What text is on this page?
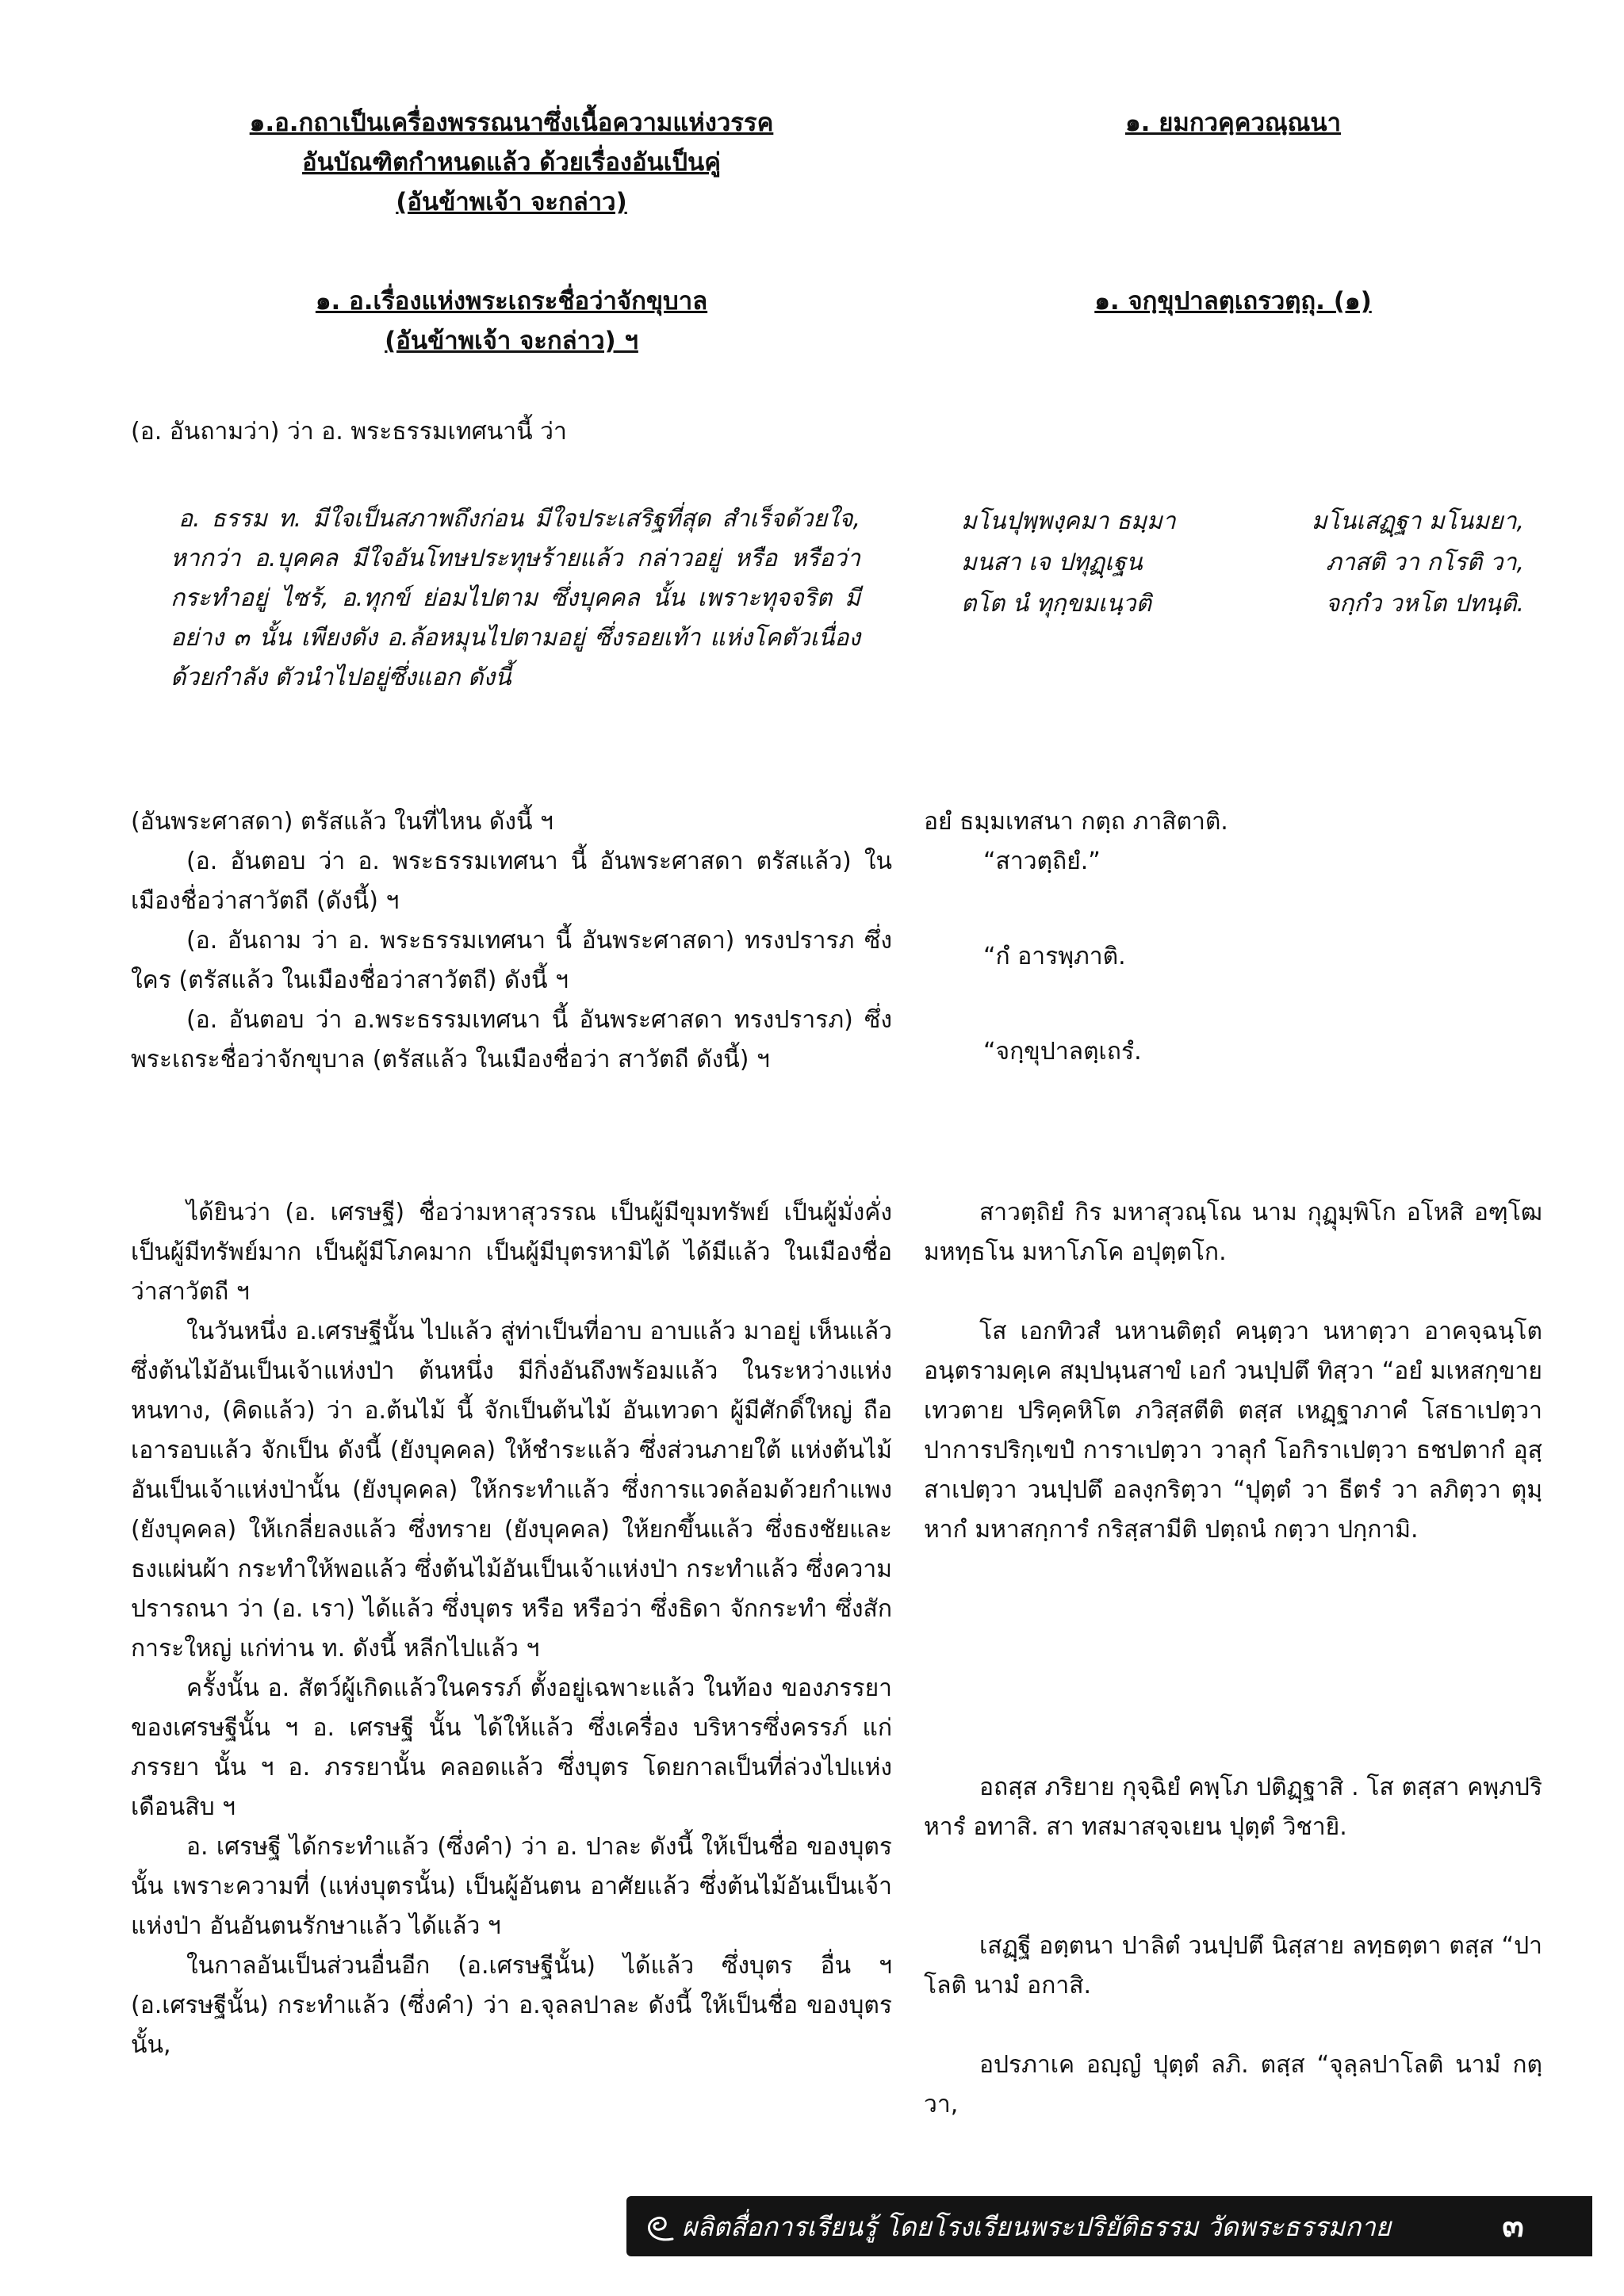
๑.อ.กถาเป็นเครื่องพรรณนาซึ่งเนื้อความแห่งวรรค
อันบัณฑิตกำหนดแล้ว ด้วยเรื่องอันเป็นคู่
(อันข้าพเจ้า จะกล่าว)
๑. ยมกวคฺควณฺณนา
๑. อ.เรื่องแห่งพระเถระชื่อว่าจักขุบาล
(อันข้าพเจ้า จะกล่าว) ฯ
๑. จกฺขุปาลตฺเถรวตฺถุ. (๑)

(อ. อันถามว่า) ว่า อ. พระธรรมเทศนานี้ ว่า

อ. ธรรม ท. มีใจเป็นสภาพถึงก่อน มีใจประเสริฐที่สุด สำเร็จด้วยใจ, หากว่า อ.บุคคล มีใจอันโทษประทุษร้ายแล้ว กล่าวอยู่ หรือ หรือว่า กระทำอยู่ ไซร้, อ.ทุกข์ ย่อมไปตาม ซึ่งบุคคล นั้น เพราะทุจจริต มีอย่าง ๓ นั้น เพียงดัง อ.ล้อหมุนไปตามอยู่ ซึ่งรอยเท้า แห่งโคตัวเนื่องด้วยกำลัง ตัวนำไปอยู่ซึ่งแอก ดังนี้

มโนปุพฺพงฺคมา ธมฺมา	มโนเสฏฺฐา มโนมยา,
มนสา เจ ปทุฏฺเฐน	ภาสติ วา กโรติ วา,
ตโต นํ ทุกฺขมเนฺวติ	จกฺกํว วหโต ปทนฺติ.

(อันพระศาสดา) ตรัสแล้ว ในที่ไหน ดังนี้ ฯ

(อ. อันตอบ ว่า อ. พระธรรมเทศนา นี้ อันพระศาสดา ตรัสแล้ว) ในเมืองชื่อว่าสาวัตถี (ดังนี้) ฯ

(อ. อันถาม ว่า อ. พระธรรมเทศนา นี้ อันพระศาสดา) ทรงปรารภ ซึ่งใคร (ตรัสแล้ว ในเมืองชื่อว่าสาวัตถี) ดังนี้ ฯ

(อ. อันตอบ ว่า อ.พระธรรมเทศนา นี้ อันพระศาสดา ทรงปรารภ) ซึ่งพระเถระชื่อว่าจักขุบาล (ตรัสแล้ว ในเมืองชื่อว่า สาวัตถี ดังนี้) ฯ

อยํ ธมฺมเทสนา กตฺถ ภาสิตาติ.

“สาวตฺถิยํ.”

“กํ อารพฺภาติ.

“จกฺขุปาลตฺเถรํ.

ได้ยินว่า (อ. เศรษฐี) ชื่อว่ามหาสุวรรณ เป็นผู้มีขุมทรัพย์ เป็นผู้มั่งคั่ง เป็นผู้มีทรัพย์มาก เป็นผู้มีโภคมาก เป็นผู้มีบุตรหามิได้ ได้มีแล้ว ในเมืองชื่อว่าสาวัตถี ฯ

ในวันหนึ่ง อ.เศรษฐีนั้น ไปแล้ว สู่ท่าเป็นที่อาบ อาบแล้ว มาอยู่ เห็นแล้ว ซึ่งต้นไม้อันเป็นเจ้าแห่งป่า ต้นหนึ่ง มีกิ่งอันถึงพร้อมแล้ว ในระหว่างแห่งหนทาง, (คิดแล้ว) ว่า อ.ต้นไม้ นี้ จักเป็นต้นไม้ อันเทวดา ผู้มีศักดิ์ใหญ่ ถือเอารอบแล้ว จักเป็น ดังนี้ (ยังบุคคล) ให้ชำระแล้ว ซึ่งส่วนภายใต้ แห่งต้นไม้อันเป็นเจ้าแห่งป่านั้น (ยังบุคคล) ให้กระทำแล้ว ซึ่งการแวดล้อมด้วยกำแพง (ยังบุคคล) ให้เกลี่ยลงแล้ว ซึ่งทราย (ยังบุคคล) ให้ยกขึ้นแล้ว ซึ่งธงชัยและธงแผ่นผ้า กระทำให้พอแล้ว ซึ่งต้นไม้อันเป็นเจ้าแห่งป่า กระทำแล้ว ซึ่งความปรารถนา ว่า (อ. เรา) ได้แล้ว ซึ่งบุตร หรือ หรือว่า ซึ่งธิดา จักกระทำ ซึ่งสักการะใหญ่ แก่ท่าน ท. ดังนี้ หลีกไปแล้ว ฯ

ครั้งนั้น อ. สัตว์ผู้เกิดแล้วในครรภ์ ตั้งอยู่เฉพาะแล้ว ในท้อง ของภรรยา ของเศรษฐีนั้น ฯ อ. เศรษฐี นั้น ได้ให้แล้ว ซึ่งเครื่อง บริหารซึ่งครรภ์ แก่ภรรยา นั้น ฯ อ. ภรรยานั้น คลอดแล้ว ซึ่งบุตร โดยกาลเป็นที่ล่วงไปแห่งเดือนสิบ ฯ

อ. เศรษฐี ได้กระทำแล้ว (ซึ่งคำ) ว่า อ. ปาละ ดังนี้ ให้เป็นชื่อ ของบุตรนั้น เพราะความที่ (แห่งบุตรนั้น) เป็นผู้อันตน อาศัยแล้ว ซึ่งต้นไม้อันเป็นเจ้าแห่งป่า อันอันตนรักษาแล้ว ได้แล้ว ฯ

ในกาลอันเป็นส่วนอื่นอีก (อ.เศรษฐีนั้น) ได้แล้ว ซึ่งบุตร อื่น ฯ (อ.เศรษฐีนั้น) กระทำแล้ว (ซึ่งคำ) ว่า อ.จุลลปาละ ดังนี้ ให้เป็นชื่อ ของบุตรนั้น,

สาวตฺถิยํ กิร มหาสุวณฺโณ นาม กุฏุมฺพิโก อโหสิ อฑฺโฒ มหทฺธโน มหาโภโค อปุตฺตโก.

โส เอกทิวสํ นหานติตฺถํ คนฺตฺวา นหาตฺวา อาคจฺฉนฺโต อนฺตรามคฺเค สมฺปนฺนสาขํ เอกํ วนปฺปตึ ทิสฺวา “อยํ มเหสกฺขาย เทวตาย ปริคฺคหิโต ภวิสฺสตีติ ตสฺส เหฏฺฐาภาคํ โสธาเปตฺวา ปาการปริกฺเขปํ การาเปตฺวา วาลุกํ โอกิราเปตฺวา ธชปตากํ อุสฺสาเปตฺวา วนปฺปตึ อลงฺกริตฺวา “ปุตฺตํ วา ธีตรํ วา ลภิตฺวา ตุมฺหากํ มหาสกฺการํ กริสฺสามีติ ปตฺถนํ กตฺวา ปกฺกามิ.

อถสฺส ภริยาย กุจฺฉิยํ คพฺโภ ปติฏฺฐาสิ . โส ตสฺสา คพฺภปริหารํ อทาสิ. สา ทสมาสจฺจเยน ปุตฺตํ วิชายิ.

เสฏฺฐี อตฺตนา ปาลิตํ วนปฺปตึ นิสฺสาย ลทฺธตฺตา ตสฺส “ปาโลติ นามํ อกาสิ.

อปรภาเค อญฺญํ ปุตฺตํ ลภิ. ตสฺส “จุลฺลปาโลติ นามํ กตฺวา,

ผลิตสื่อการเรียนรู้ โดยโรงเรียนพระปริยัติธรรม วัดพระธรรมกาย	๓
